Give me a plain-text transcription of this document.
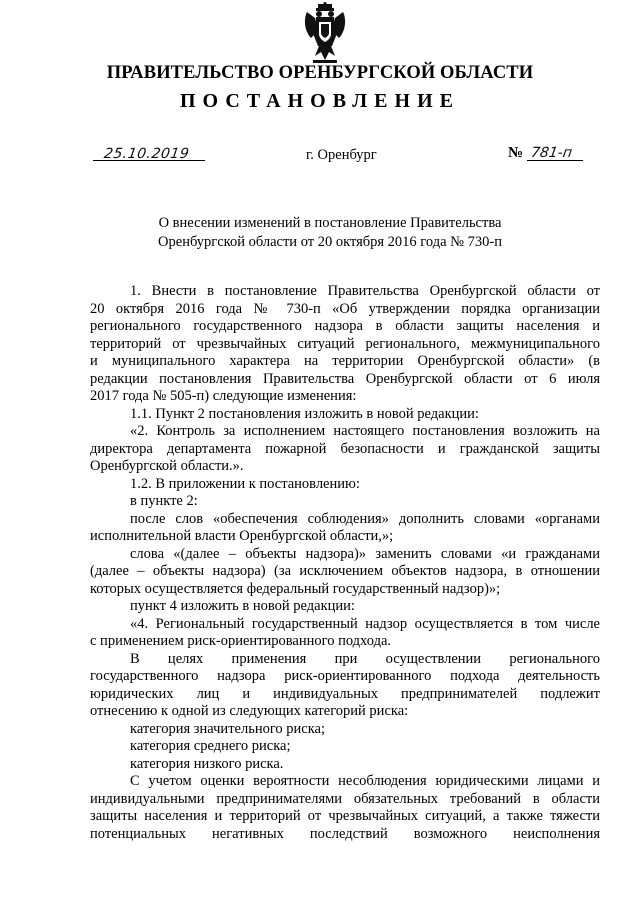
ПРАВИТЕЛЬСТВО ОРЕНБУРГСКОЙ ОБЛАСТИ
ПОСТАНОВЛЕНИЕ
25.10.2019	г. Оренбург	№ 781-п
О внесении изменений в постановление Правительства
Оренбургской области от 20 октября 2016 года № 730-п

1. Внести в постановление Правительства Оренбургской области от

20 октября 2016 года № 730-п «Об утверждении порядка организации

регионального государственного надзора в области защиты населения и

территорий от чрезвычайных ситуаций регионального, межмуниципального

и муниципального характера на территории Оренбургской области» (в

редакции постановления Правительства Оренбургской области от 6 июля

2017 года № 505-п) следующие изменения:

1.1. Пункт 2 постановления изложить в новой редакции:

«2. Контроль за исполнением настоящего постановления возложить на

директора департамента пожарной безопасности и гражданской защиты

Оренбургской области.».

1.2. В приложении к постановлению:

в пункте 2:

после слов «обеспечения соблюдения» дополнить словами «органами

исполнительной власти Оренбургской области,»;

слова «(далее – объекты надзора)» заменить словами «и гражданами

(далее – объекты надзора) (за исключением объектов надзора, в отношении

которых осуществляется федеральный государственный надзор)»;

пункт 4 изложить в новой редакции:

«4. Региональный государственный надзор осуществляется в том числе

с применением риск-ориентированного подхода.

В целях применения при осуществлении регионального

государственного надзора риск-ориентированного подхода деятельность

юридических лиц и индивидуальных предпринимателей подлежит

отнесению к одной из следующих категорий риска:

категория значительного риска;

категория среднего риска;

категория низкого риска.

С учетом оценки вероятности несоблюдения юридическими лицами и

индивидуальными предпринимателями обязательных требований в области

защиты населения и территорий от чрезвычайных ситуаций, а также тяжести

потенциальных негативных последствий возможного неисполнения
